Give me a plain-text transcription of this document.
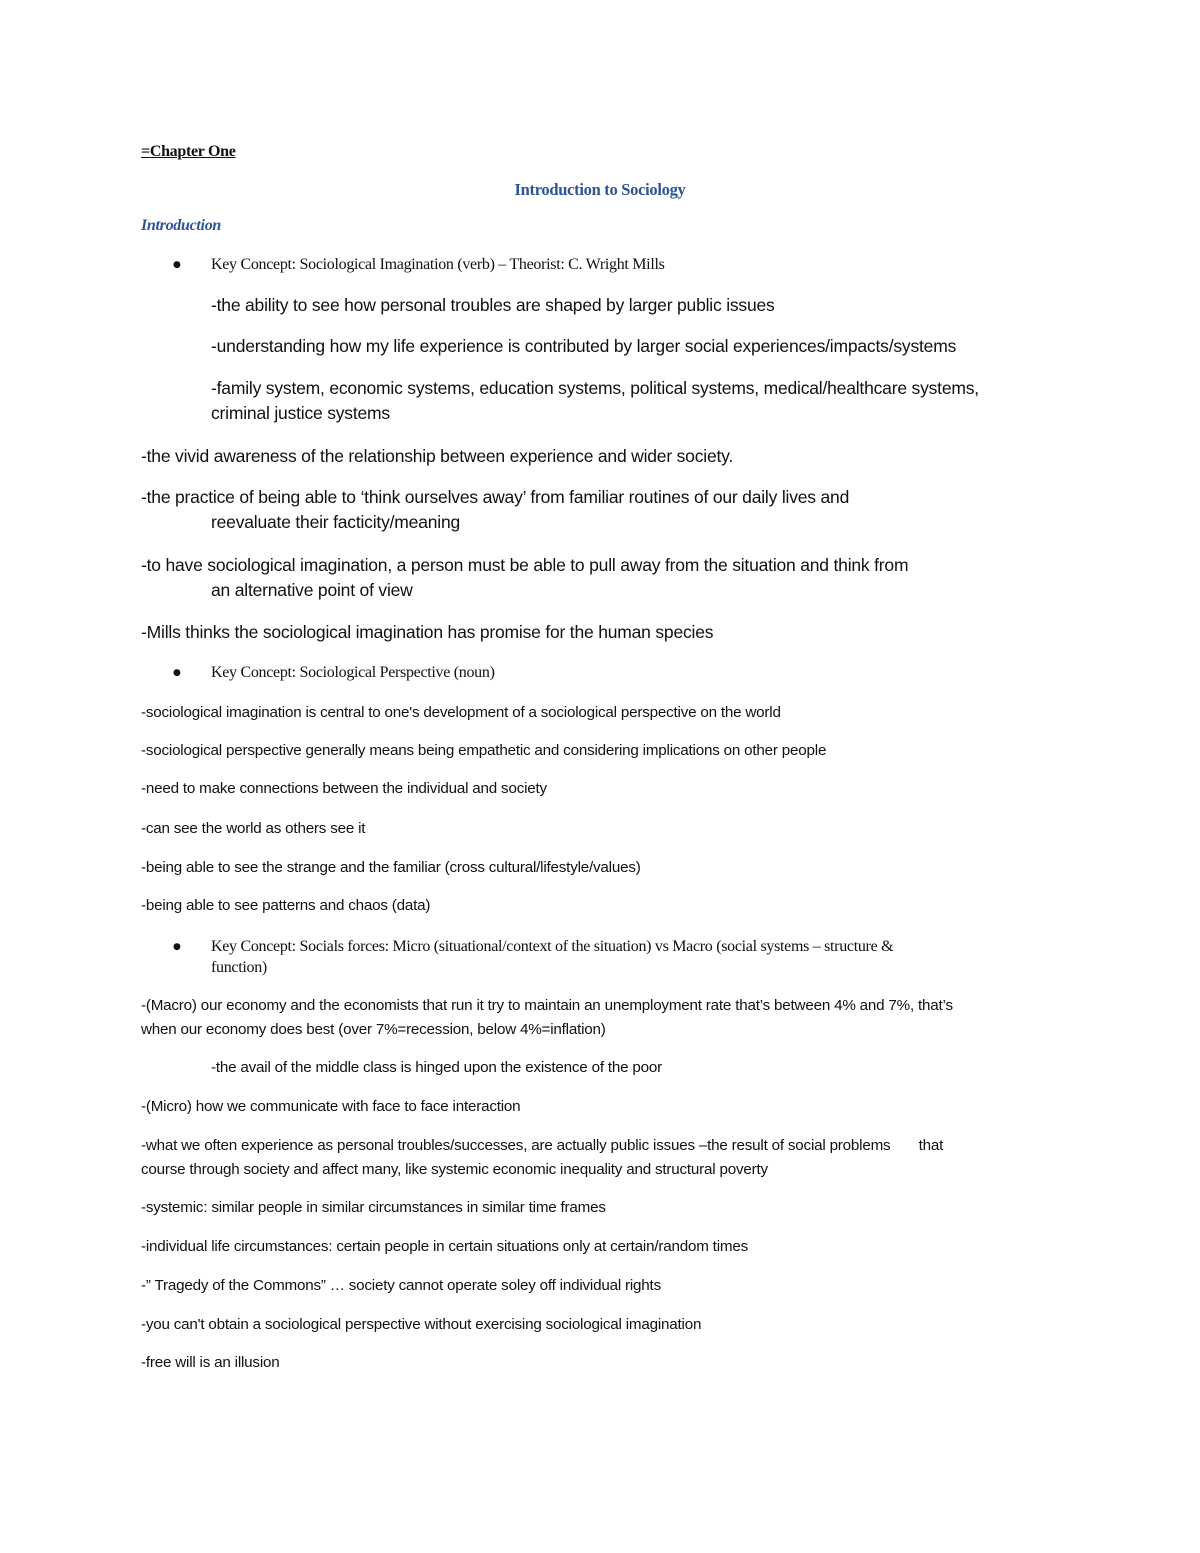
=Chapter One
Introduction to Sociology
Introduction
● Key Concept: Sociological Imagination (verb) – Theorist: C. Wright Mills
-the ability to see how personal troubles are shaped by larger public issues
-understanding how my life experience is contributed by larger social experiences/impacts/systems
-family system, economic systems, education systems, political systems, medical/healthcare systems,
criminal justice systems
-the vivid awareness of the relationship between experience and wider society.
-the practice of being able to ‘think ourselves away’ from familiar routines of our daily lives and
reevaluate their facticity/meaning
-to have sociological imagination, a person must be able to pull away from the situation and think from
an alternative point of view
-Mills thinks the sociological imagination has promise for the human species
● Key Concept: Sociological Perspective (noun)
-sociological imagination is central to one's development of a sociological perspective on the world
-sociological perspective generally means being empathetic and considering implications on other people
-need to make connections between the individual and society
-can see the world as others see it
-being able to see the strange and the familiar (cross cultural/lifestyle/values)
-being able to see patterns and chaos (data)
● Key Concept: Socials forces: Micro (situational/context of the situation) vs Macro (social systems – structure &
function)
-(Macro) our economy and the economists that run it try to maintain an unemployment rate that’s between 4% and 7%, that’s
when our economy does best (over 7%=recession, below 4%=inflation)
-the avail of the middle class is hinged upon the existence of the poor
-(Micro) how we communicate with face to face interaction
-what we often experience as personal troubles/successes, are actually public issues –the result of social problems       that
course through society and affect many, like systemic economic inequality and structural poverty
-systemic: similar people in similar circumstances in similar time frames
-individual life circumstances: certain people in certain situations only at certain/random times
-” Tragedy of the Commons” … society cannot operate soley off individual rights
-you can't obtain a sociological perspective without exercising sociological imagination
-free will is an illusion
